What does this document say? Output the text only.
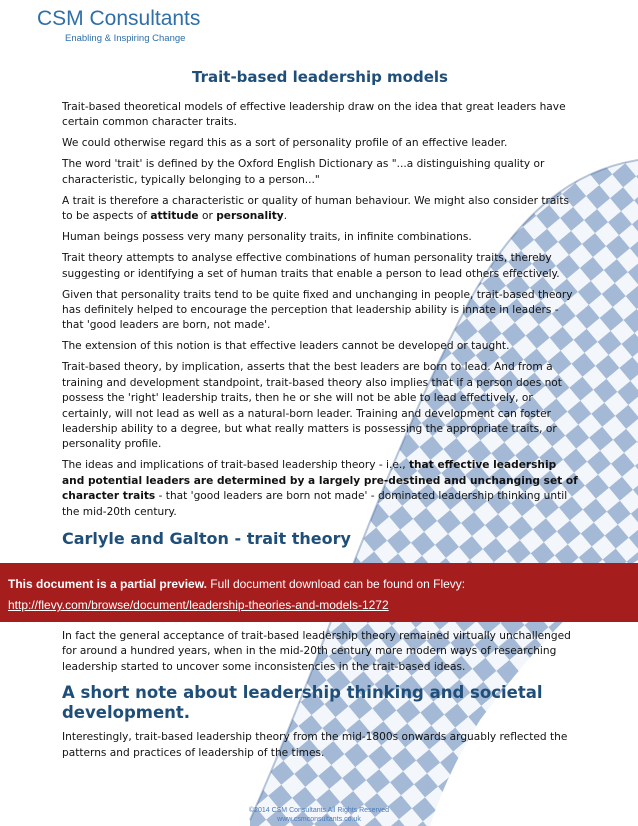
CSM Consultants
Enabling & Inspiring Change
Trait-based leadership models

Trait-based theoretical models of effective leadership draw on the idea that great leaders have certain common character traits.

We could otherwise regard this as a sort of personality profile of an effective leader.

The word 'trait' is defined by the Oxford English Dictionary as "...a distinguishing quality or characteristic, typically belonging to a person..."

A trait is therefore a characteristic or quality of human behaviour. We might also consider traits to be aspects of attitude or personality.

Human beings possess very many personality traits, in infinite combinations.

Trait theory attempts to analyse effective combinations of human personality traits, thereby suggesting or identifying a set of human traits that enable a person to lead others effectively.

Given that personality traits tend to be quite fixed and unchanging in people, trait-based theory has definitely helped to encourage the perception that leadership ability is innate in leaders - that 'good leaders are born, not made'.

The extension of this notion is that effective leaders cannot be developed or taught.

Trait-based theory, by implication, asserts that the best leaders are born to lead. And from a training and development standpoint, trait-based theory also implies that if a person does not possess the 'right' leadership traits, then he or she will not be able to lead effectively, or certainly, will not lead as well as a natural-born leader. Training and development can foster leadership ability to a degree, but what really matters is possessing the appropriate traits, or personality profile.

The ideas and implications of trait-based leadership theory - i.e., that effective leadership and potential leaders are determined by a largely pre-destined and unchanging set of character traits - that 'good leaders are born not made' - dominated leadership thinking until the mid-20th century.

Carlyle and Galton - trait theory
This document is a partial preview. Full document download can be found on Flevy:
http://flevy.com/browse/document/leadership-theories-and-models-1272

In fact the general acceptance of trait-based leadership theory remained virtually unchallenged for around a hundred years, when in the mid-20th century more modern ways of researching leadership started to uncover some inconsistencies in the trait-based ideas.

A short note about leadership thinking and societal development.

Interestingly, trait-based leadership theory from the mid-1800s onwards arguably reflected the patterns and practices of leadership of the times.

©2014 CSM Consultants All Rights Reserved
www.csmconsultants.co.uk
